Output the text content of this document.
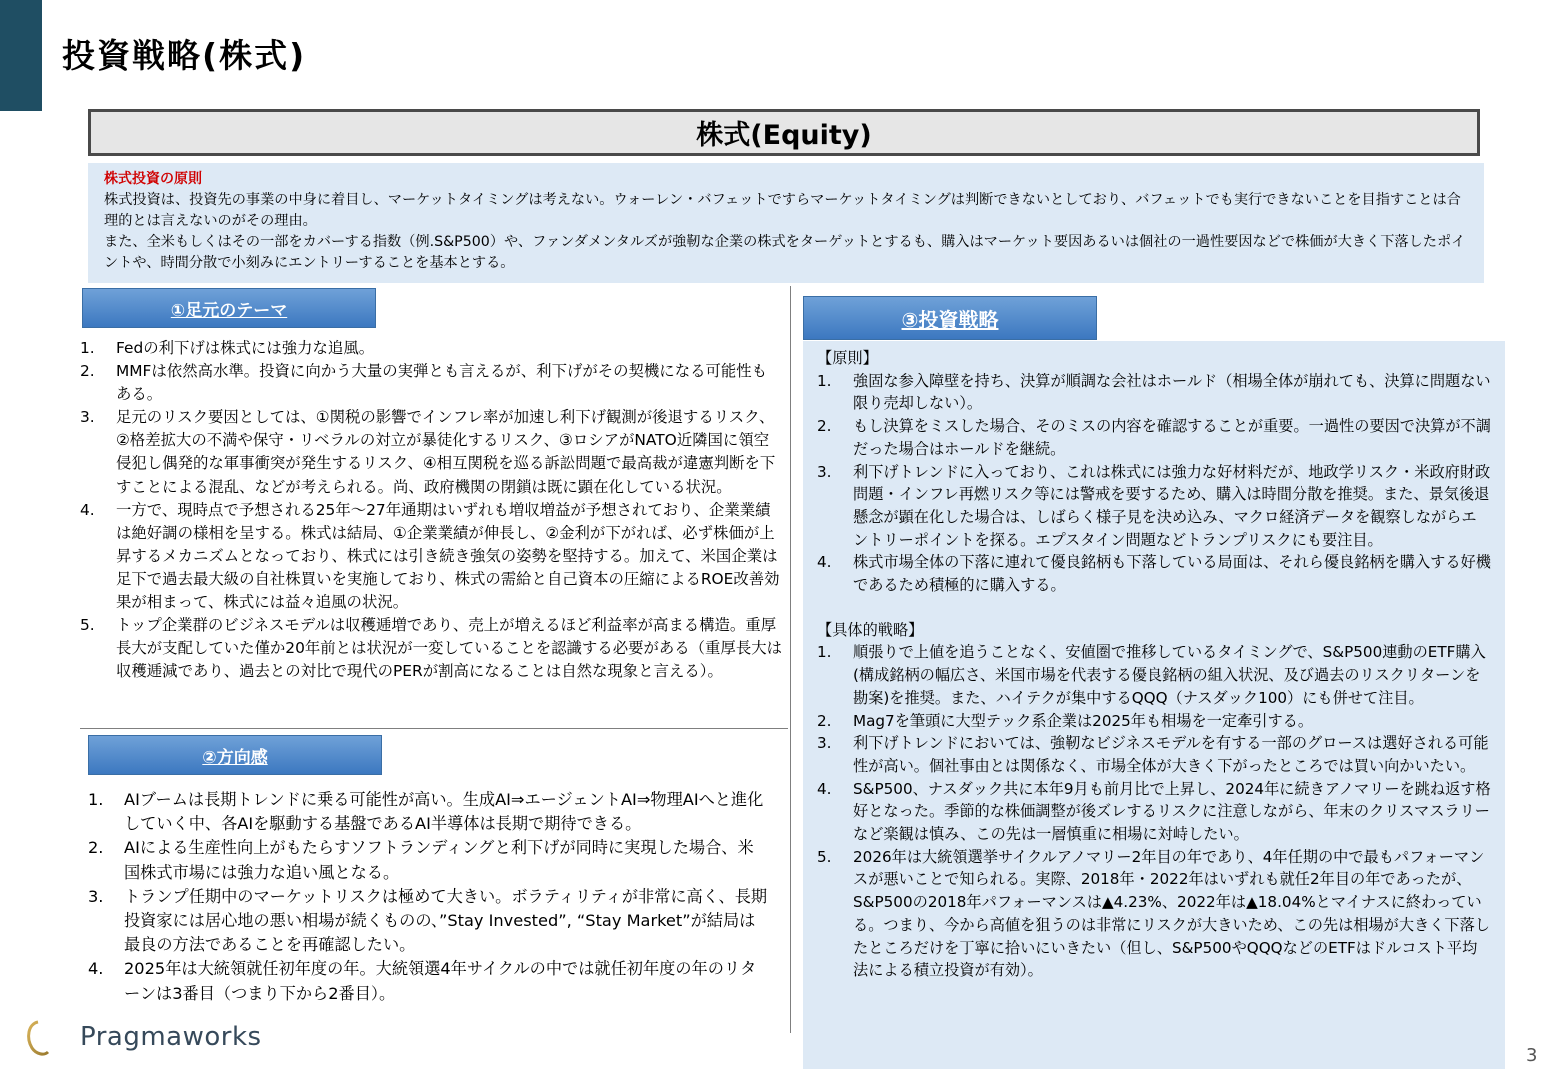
投資戦略(株式)
株式(Equity)
株式投資の原則
株式投資は、投資先の事業の中身に着目し、マーケットタイミングは考えない。ウォーレン・バフェットですらマーケットタイミングは判断できないとしており、バフェットでも実行できないことを目指すことは合理的とは言えないのがその理由。
また、全米もしくはその一部をカバーする指数（例.S&P500）や、ファンダメンタルズが強靭な企業の株式をターゲットとするも、購入はマーケット要因あるいは個社の一過性要因などで株価が大きく下落したポイントや、時間分散で小刻みにエントリーすることを基本とする。
①足元のテーマ
1. Fedの利下げは株式には強力な追風。
2. MMFは依然高水準。投資に向かう大量の実弾とも言えるが、利下げがその契機になる可能性もある。
3. 足元のリスク要因としては、①関税の影響でインフレ率が加速し利下げ観測が後退するリスク、②格差拡大の不満や保守・リベラルの対立が暴徒化するリスク、③ロシアがNATO近隣国に領空侵犯し偶発的な軍事衝突が発生するリスク、④相互関税を巡る訴訟問題で最高裁が違憲判断を下すことによる混乱、などが考えられる。尚、政府機関の閉鎖は既に顕在化している状況。
4. 一方で、現時点で予想される25年～27年通期はいずれも増収増益が予想されており、企業業績は絶好調の様相を呈する。株式は結局、①企業業績が伸長し、②金利が下がれば、必ず株価が上昇するメカニズムとなっており、株式には引き続き強気の姿勢を堅持する。加えて、米国企業は足下で過去最大級の自社株買いを実施しており、株式の需給と自己資本の圧縮によるROE改善効果が相まって、株式には益々追風の状況。
5. トップ企業群のビジネスモデルは収穫逓増であり、売上が増えるほど利益率が高まる構造。重厚長大が支配していた僅か20年前とは状況が一変していることを認識する必要がある（重厚長大は収穫逓減であり、過去との対比で現代のPERが割高になることは自然な現象と言える）。
②方向感
1. AIブームは長期トレンドに乗る可能性が高い。生成AI⇒エージェントAI⇒物理AIへと進化していく中、各AIを駆動する基盤であるAI半導体は長期で期待できる。
2. AIによる生産性向上がもたらすソフトランディングと利下げが同時に実現した場合、米国株式市場には強力な追い風となる。
3. トランプ任期中のマーケットリスクは極めて大きい。ボラティリティが非常に高く、長期投資家には居心地の悪い相場が続くものの、”Stay Invested”, “Stay Market”が結局は最良の方法であることを再確認したい。
4. 2025年は大統領就任初年度の年。大統領選4年サイクルの中では就任初年度の年のリターンは3番目（つまり下から2番目）。
③投資戦略
【原則】
1. 強固な参入障壁を持ち、決算が順調な会社はホールド（相場全体が崩れても、決算に問題ない限り売却しない）。
2. もし決算をミスした場合、そのミスの内容を確認することが重要。一過性の要因で決算が不調だった場合はホールドを継続。
3. 利下げトレンドに入っており、これは株式には強力な好材料だが、地政学リスク・米政府財政問題・インフレ再燃リスク等には警戒を要するため、購入は時間分散を推奨。また、景気後退懸念が顕在化した場合は、しばらく様子見を決め込み、マクロ経済データを観察しながらエントリーポイントを探る。エプスタイン問題などトランプリスクにも要注目。
4. 株式市場全体の下落に連れて優良銘柄も下落している局面は、それら優良銘柄を購入する好機であるため積極的に購入する。
【具体的戦略】
1. 順張りで上値を追うことなく、安値圏で推移しているタイミングで、S&P500連動のETF購入(構成銘柄の幅広さ、米国市場を代表する優良銘柄の組入状況、及び過去のリスクリターンを勘案)を推奨。また、ハイテクが集中するQQQ（ナスダック100）にも併せて注目。
2. Mag7を筆頭に大型テック系企業は2025年も相場を一定牽引する。
3. 利下げトレンドにおいては、強靭なビジネスモデルを有する一部のグロースは選好される可能性が高い。個社事由とは関係なく、市場全体が大きく下がったところでは買い向かいたい。
4. S&P500、ナスダック共に本年9月も前月比で上昇し、2024年に続きアノマリーを跳ね返す格好となった。季節的な株価調整が後ズレするリスクに注意しながら、年末のクリスマスラリーなど楽観は慎み、この先は一層慎重に相場に対峙したい。
5. 2026年は大統領選挙サイクルアノマリー2年目の年であり、4年任期の中で最もパフォーマンスが悪いことで知られる。実際、2018年・2022年はいずれも就任2年目の年であったが、S&P500の2018年パフォーマンスは▲4.23%、2022年は▲18.04%とマイナスに終わっている。つまり、今から高値を狙うのは非常にリスクが大きいため、この先は相場が大きく下落したところだけを丁寧に拾いにいきたい（但し、S&P500やQQQなどのETFはドルコスト平均法による積立投資が有効）。
Pragmaworks
3
